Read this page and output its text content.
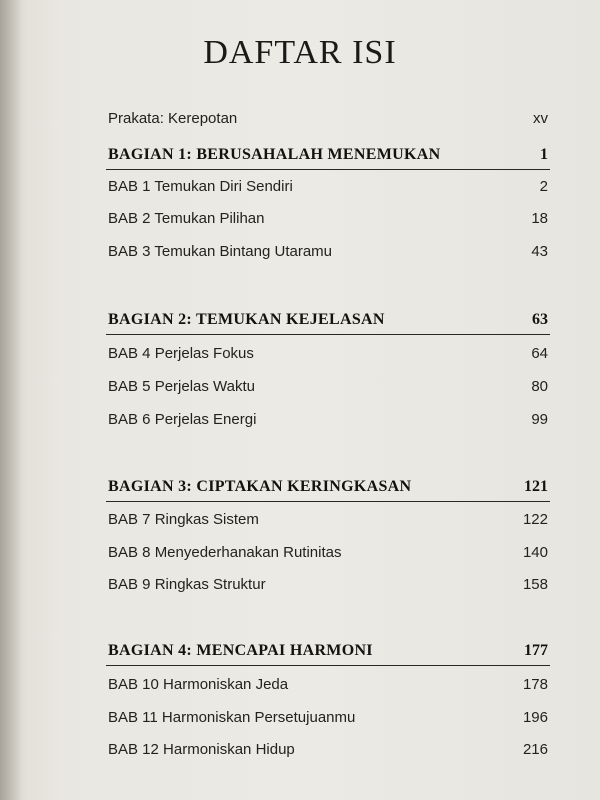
DAFTAR ISI
Prakata: Kerepotan	xv
BAGIAN 1: BERUSAHALAH MENEMUKAN	1
BAB 1 Temukan Diri Sendiri	2
BAB 2 Temukan Pilihan	18
BAB 3 Temukan Bintang Utaramu	43
BAGIAN 2: TEMUKAN KEJELASAN	63
BAB 4 Perjelas Fokus	64
BAB 5 Perjelas Waktu	80
BAB 6 Perjelas Energi	99
BAGIAN 3: CIPTAKAN KERINGKASAN	121
BAB 7 Ringkas Sistem	122
BAB 8 Menyederhanakan Rutinitas	140
BAB 9 Ringkas Struktur	158
BAGIAN 4: MENCAPAI HARMONI	177
BAB 10 Harmoniskan Jeda	178
BAB 11 Harmoniskan Persetujuanmu	196
BAB 12 Harmoniskan Hidup	216
